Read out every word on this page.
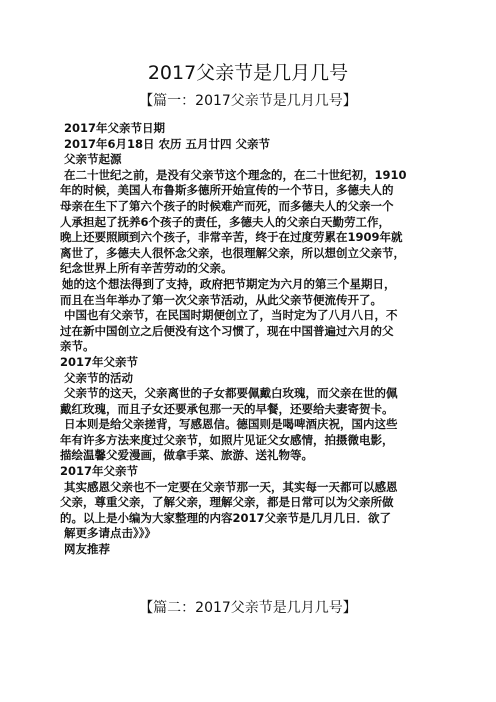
2017父亲节是几月几号
【篇一：2017父亲节是几月几号】
2017年父亲节日期
2017年6月18日 农历 五月廿四 父亲节
父亲节起源
在二十世纪之前，是没有父亲节这个理念的，在二十世纪初，1910
年的时候，美国人布鲁斯多德所开始宣传的一个节日，多德夫人的
母亲在生下了第六个孩子的时候难产而死，而多德夫人的父亲一个
人承担起了抚养6个孩子的责任，多德夫人的父亲白天勤劳工作，
晚上还要照顾到六个孩子，非常辛苦，终于在过度劳累在1909年就
离世了，多德夫人很怀念父亲，也很理解父亲，所以想创立父亲节，
纪念世界上所有辛苦劳动的父亲。
她的这个想法得到了支持，政府把节期定为六月的第三个星期日，
而且在当年举办了第一次父亲节活动，从此父亲节便流传开了。
中国也有父亲节，在民国时期便创立了，当时定为了八月八日，不
过在新中国创立之后便没有这个习惯了，现在中国普遍过六月的父
亲节。
2017年父亲节
父亲节的活动
父亲节的这天，父亲离世的子女都要佩戴白玫瑰，而父亲在世的佩
戴红玫瑰，而且子女还要承包那一天的早餐，还要给夫妻寄贺卡。
日本则是给父亲搓背，写感恩信。德国则是喝啤酒庆祝，国内这些
年有许多方法来度过父亲节，如照片见证父女感情，拍摄微电影，
描绘温馨父爱漫画，做拿手菜、旅游、送礼物等。
2017年父亲节
其实感恩父亲也不一定要在父亲节那一天，其实每一天都可以感恩
父亲，尊重父亲，了解父亲，理解父亲，都是日常可以为父亲所做
的。以上是小编为大家整理的内容2017父亲节是几月几日．欲了
解更多请点击》》》
网友推荐
【篇二：2017父亲节是几月几号】
